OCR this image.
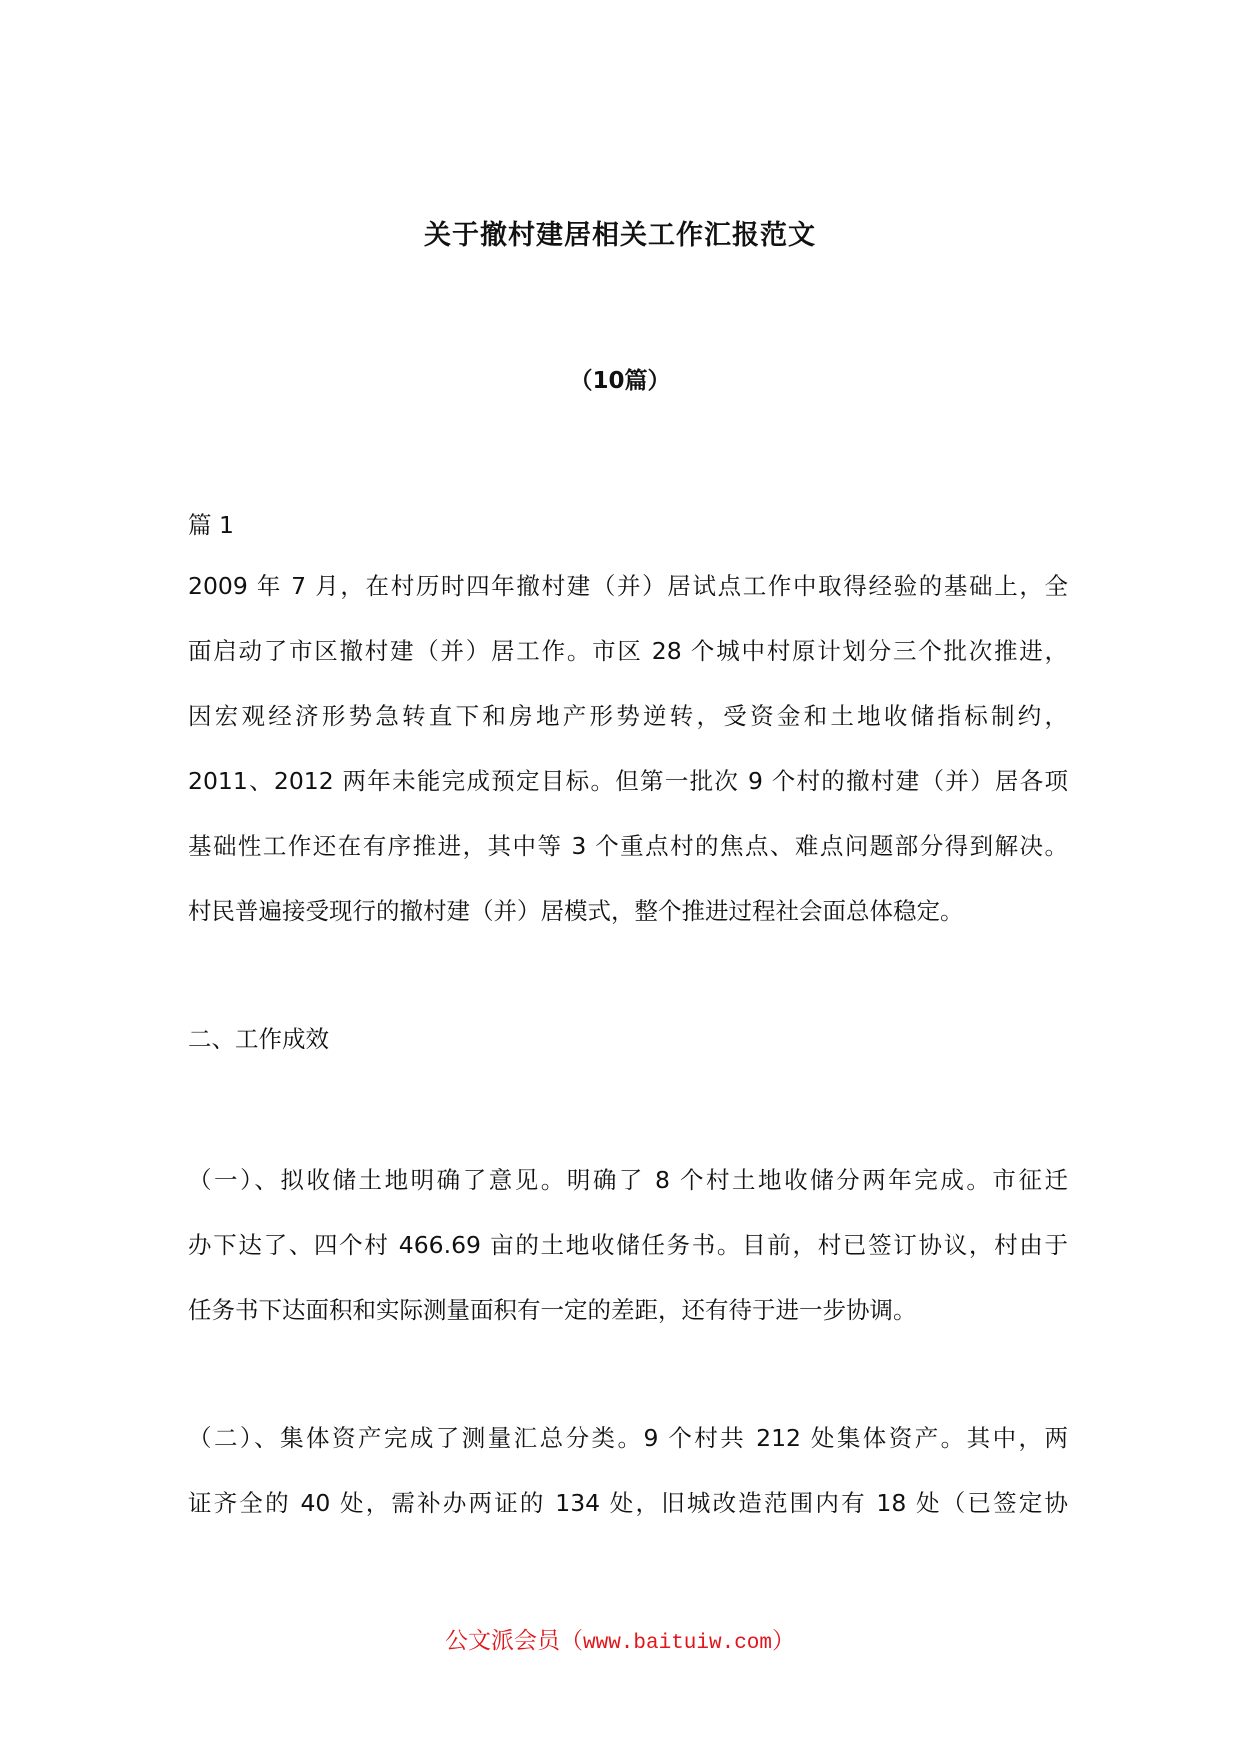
关于撤村建居相关工作汇报范文
（10篇）
篇 1
2009 年 7 月，在村历时四年撤村建（并）居试点工作中取得经验的基础上，全
面启动了市区撤村建（并）居工作。市区 28 个城中村原计划分三个批次推进，
因宏观经济形势急转直下和房地产形势逆转，受资金和土地收储指标制约，
2011、2012 两年未能完成预定目标。但第一批次 9 个村的撤村建（并）居各项
基础性工作还在有序推进，其中等 3 个重点村的焦点、难点问题部分得到解决。
村民普遍接受现行的撤村建（并）居模式，整个推进过程社会面总体稳定。
二、工作成效
（一）、拟收储土地明确了意见。明确了 8 个村土地收储分两年完成。市征迁
办下达了、四个村 466.69 亩的土地收储任务书。目前，村已签订协议，村由于
任务书下达面积和实际测量面积有一定的差距，还有待于进一步协调。
（二）、集体资产完成了测量汇总分类。9 个村共 212 处集体资产。其中，两
证齐全的 40 处，需补办两证的 134 处，旧城改造范围内有 18 处（已签定协
公文派会员（www.baituiw.com）
